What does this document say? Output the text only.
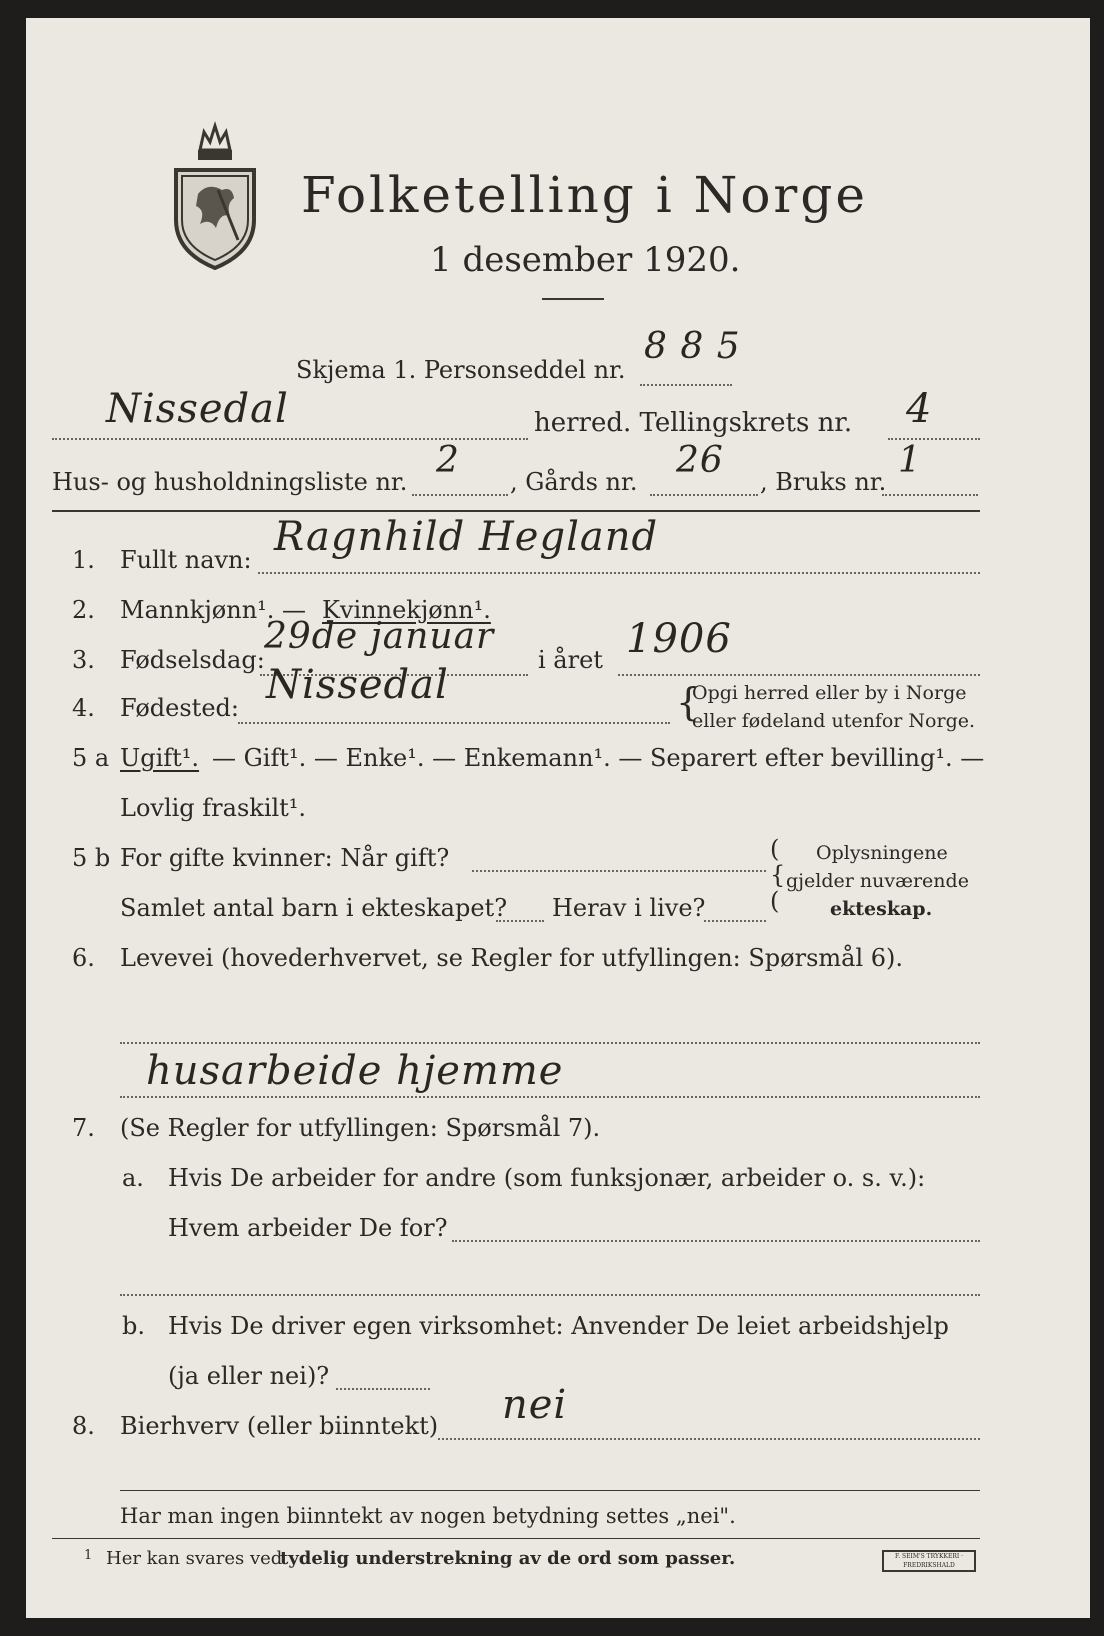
Folketelling i Norge
1 desember 1920.
Skjema 1. Personseddel nr.
8 8 5
Nissedal	herred. Tellingskrets nr. 4
Hus- og husholdningsliste nr.
2
, Gårds nr.
26
, Bruks nr.
1
1. Fullt navn: Ragnhild Hegland
2. Mannkjønn¹. — Kvinnekjønn¹.
3. Fødselsdag:
29de januar
i året 1906
4. Fødested: Nissedal	{
Opgi herred eller by i Norge
eller fødeland utenfor Norge.
5 a Ugift¹. — Gift¹. — Enke¹. — Enkemann¹. — Separert efter bevilling¹. —
Lovlig fraskilt¹.
5 b For gifte kvinner: Når gift?
Samlet antal barn i ekteskapet? Herav i live?
(
{
(
Oplysningene
gjelder nuværende
ekteskap.
6. Levevei (hovederhvervet, se Regler for utfyllingen: Spørsmål 6).
husarbeide hjemme
7. (Se Regler for utfyllingen: Spørsmål 7).
a. Hvis De arbeider for andre (som funksjonær, arbeider o. s. v.):
Hvem arbeider De for?
b. Hvis De driver egen virksomhet: Anvender De leiet arbeidshjelp
(ja eller nei)?
8. Bierhverv (eller biinntekt) nei
Har man ingen biinntekt av nogen betydning settes „nei".
1 Her kan svares ved
tydelig understrekning av de ord som passer.	F. SEIM'S TRYKKERI · FREDRIKSHALD
